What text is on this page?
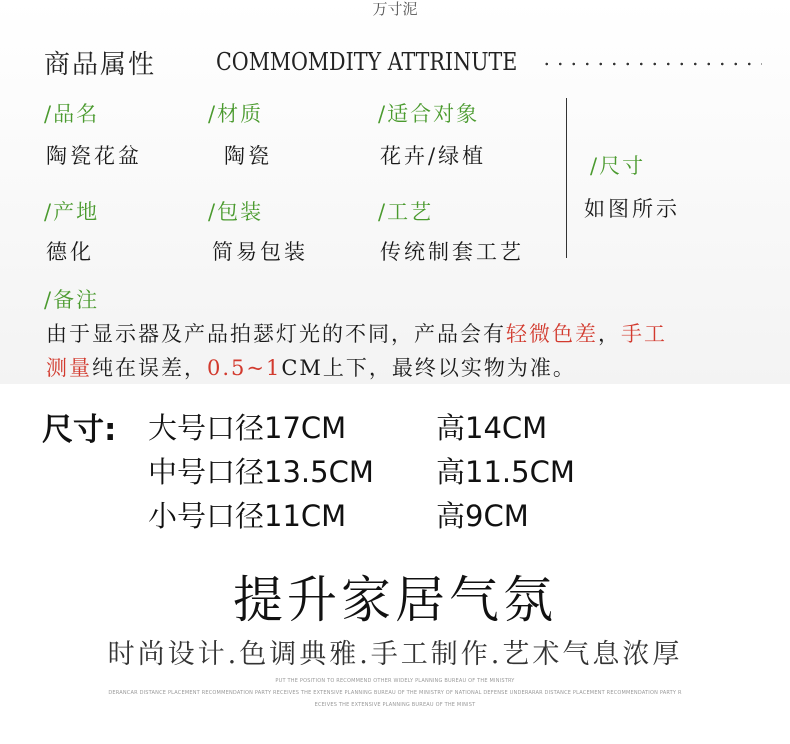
万寸泥
商品属性 COMMOMDITY ATTRINUTE
/品名	/材质	/适合对象
陶瓷花盆	陶瓷	花卉/绿植	/尺寸
如图所示
/产地	/包装	/工艺
德化	简易包装	传统制套工艺
/备注
由于显示器及产品拍瑟灯光的不同，产品会有轻微色差，手工
测量纯在误差，0.5~1CM上下，最终以实物为准。
尺寸: 大号口径17CM	高14CM
中号口径13.5CM 高11.5CM
小号口径11CM	高9CM
提升家居气氛
时尚设计.色调典雅.手工制作.艺术气息浓厚
PUT THE POSITION TO RECOMMEND OTHER WIDELY PLANNING BUREAU OF THE MINISTRY
DERANCAR DISTANCE PLACEMENT RECOMMENDATION PARTY RECEIVES THE EXTENSIVE PLANNING BUREAU OF THE MINISTRY OF NATIONAL DEFENSE UNDERARAR DISTANCE PLACEMENT RECOMMENDATION PARTY R
ECEIVES THE EXTENSIVE PLANNING BUREAU OF THE MINIST
